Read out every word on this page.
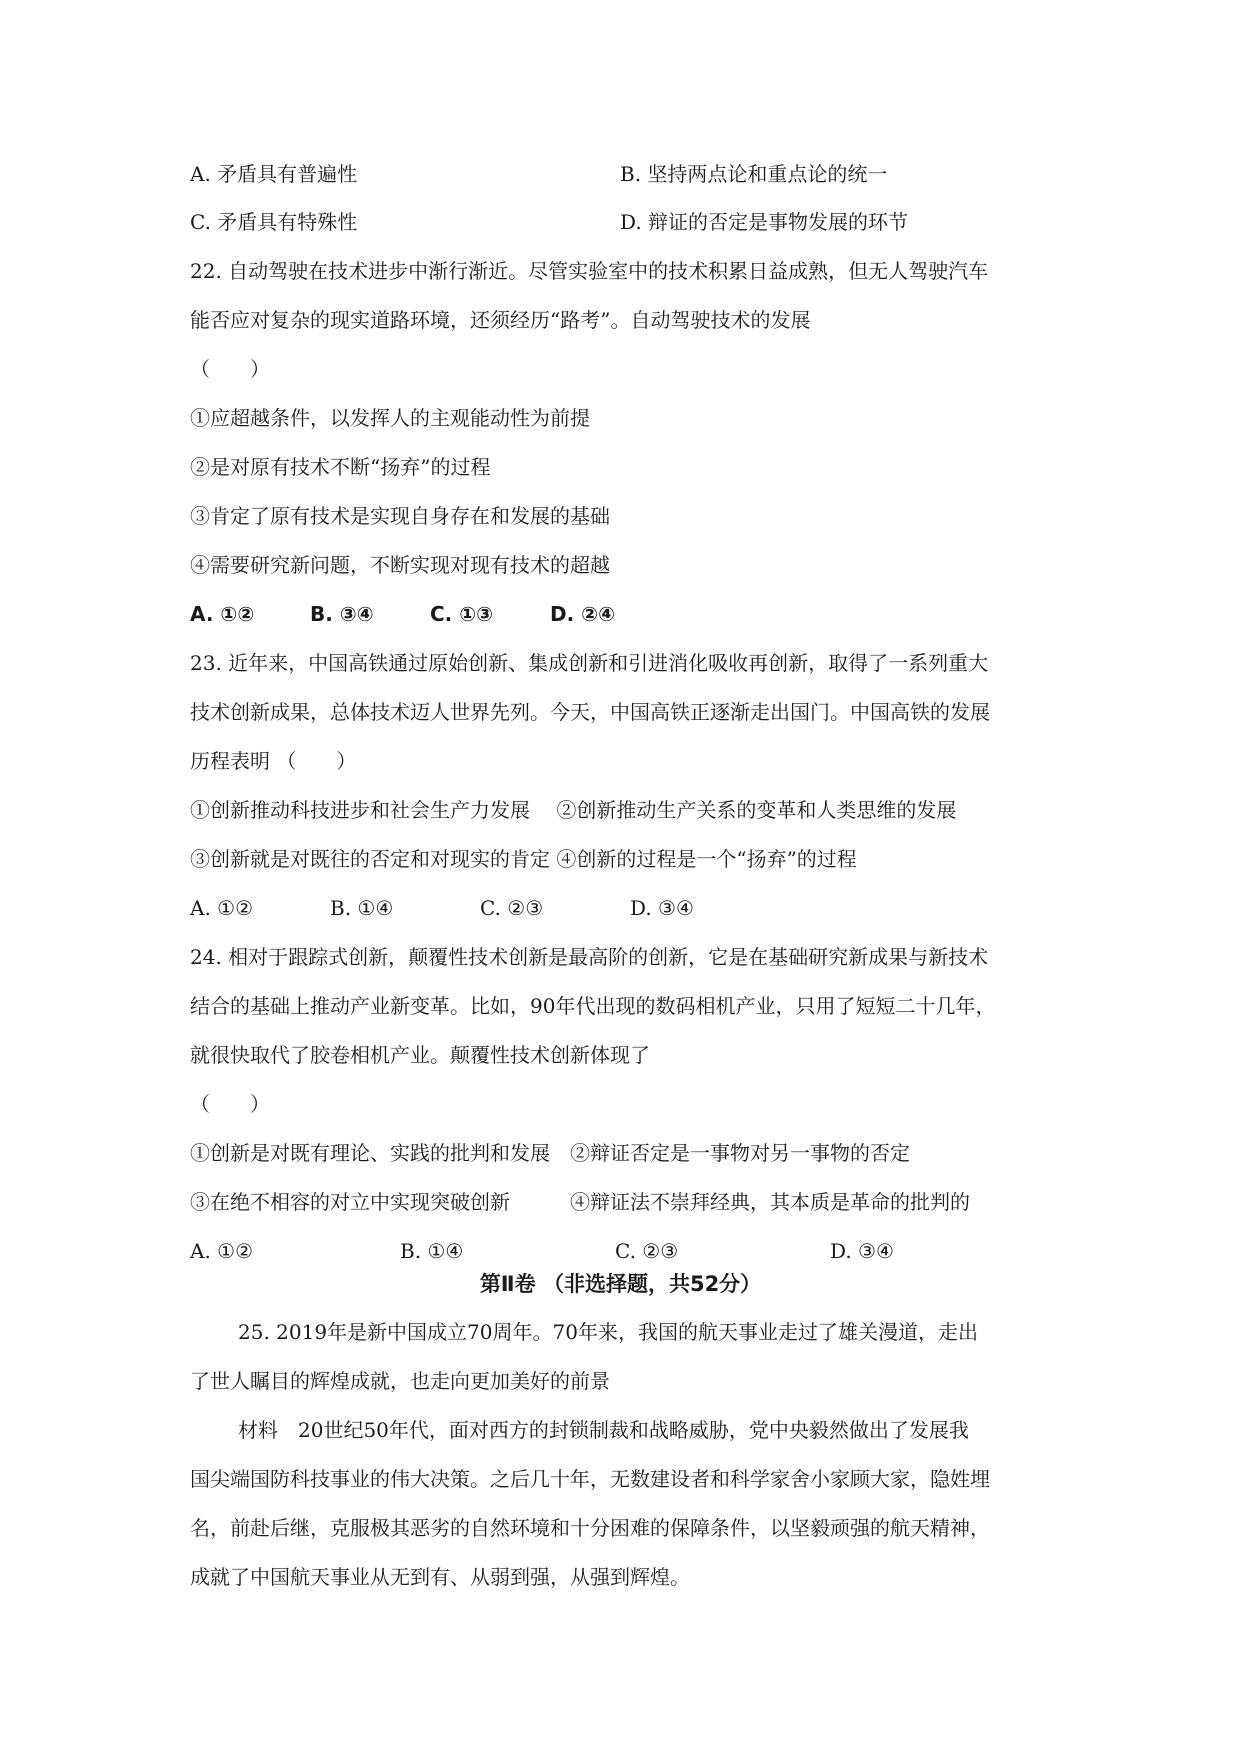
A. 矛盾具有普遍性	B. 坚持两点论和重点论的统一
C. 矛盾具有特殊性	D. 辩证的否定是事物发展的环节
22. 自动驾驶在技术进步中渐行渐近。尽管实验室中的技术积累日益成熟，但无人驾驶汽车
能否应对复杂的现实道路环境，还须经历“路考”。自动驾驶技术的发展
（　　）
①应超越条件，以发挥人的主观能动性为前提
②是对原有技术不断“扬弃”的过程
③肯定了原有技术是实现自身存在和发展的基础
④需要研究新问题，不断实现对现有技术的超越
A. ①②	B. ③④	C. ①③	D. ②④
23. 近年来，中国高铁通过原始创新、集成创新和引进消化吸收再创新，取得了一系列重大
技术创新成果，总体技术迈人世界先列。今天，中国高铁正逐渐走出国门。中国高铁的发展
历程表明 （　　）
①创新推动科技进步和社会生产力发展　 ②创新推动生产关系的变革和人类思维的发展
③创新就是对既往的否定和对现实的肯定 ④创新的过程是一个“扬弃”的过程
A. ①②	B. ①④	C. ②③	D. ③④
24. 相对于跟踪式创新，颠覆性技术创新是最高阶的创新，它是在基础研究新成果与新技术
结合的基础上推动产业新变革。比如，90年代出现的数码相机产业，只用了短短二十几年，
就很快取代了胶卷相机产业。颠覆性技术创新体现了
（　　）
①创新是对既有理论、实践的批判和发展　②辩证否定是一事物对另一事物的否定
③在绝不相容的对立中实现突破创新　　　④辩证法不崇拜经典，其本质是革命的批判的
A. ①②	B. ①④	C. ②③	D. ③④
第Ⅱ卷 （非选择题，共52分）
25. 2019年是新中国成立70周年。70年来，我国的航天事业走过了雄关漫道，走出
了世人瞩目的辉煌成就，也走向更加美好的前景
材料　20世纪50年代，面对西方的封锁制裁和战略威胁，党中央毅然做出了发展我
国尖端国防科技事业的伟大决策。之后几十年，无数建设者和科学家舍小家顾大家，隐姓埋
名，前赴后继，克服极其恶劣的自然环境和十分困难的保障条件，以坚毅顽强的航天精神，
成就了中国航天事业从无到有、从弱到强，从强到辉煌。
